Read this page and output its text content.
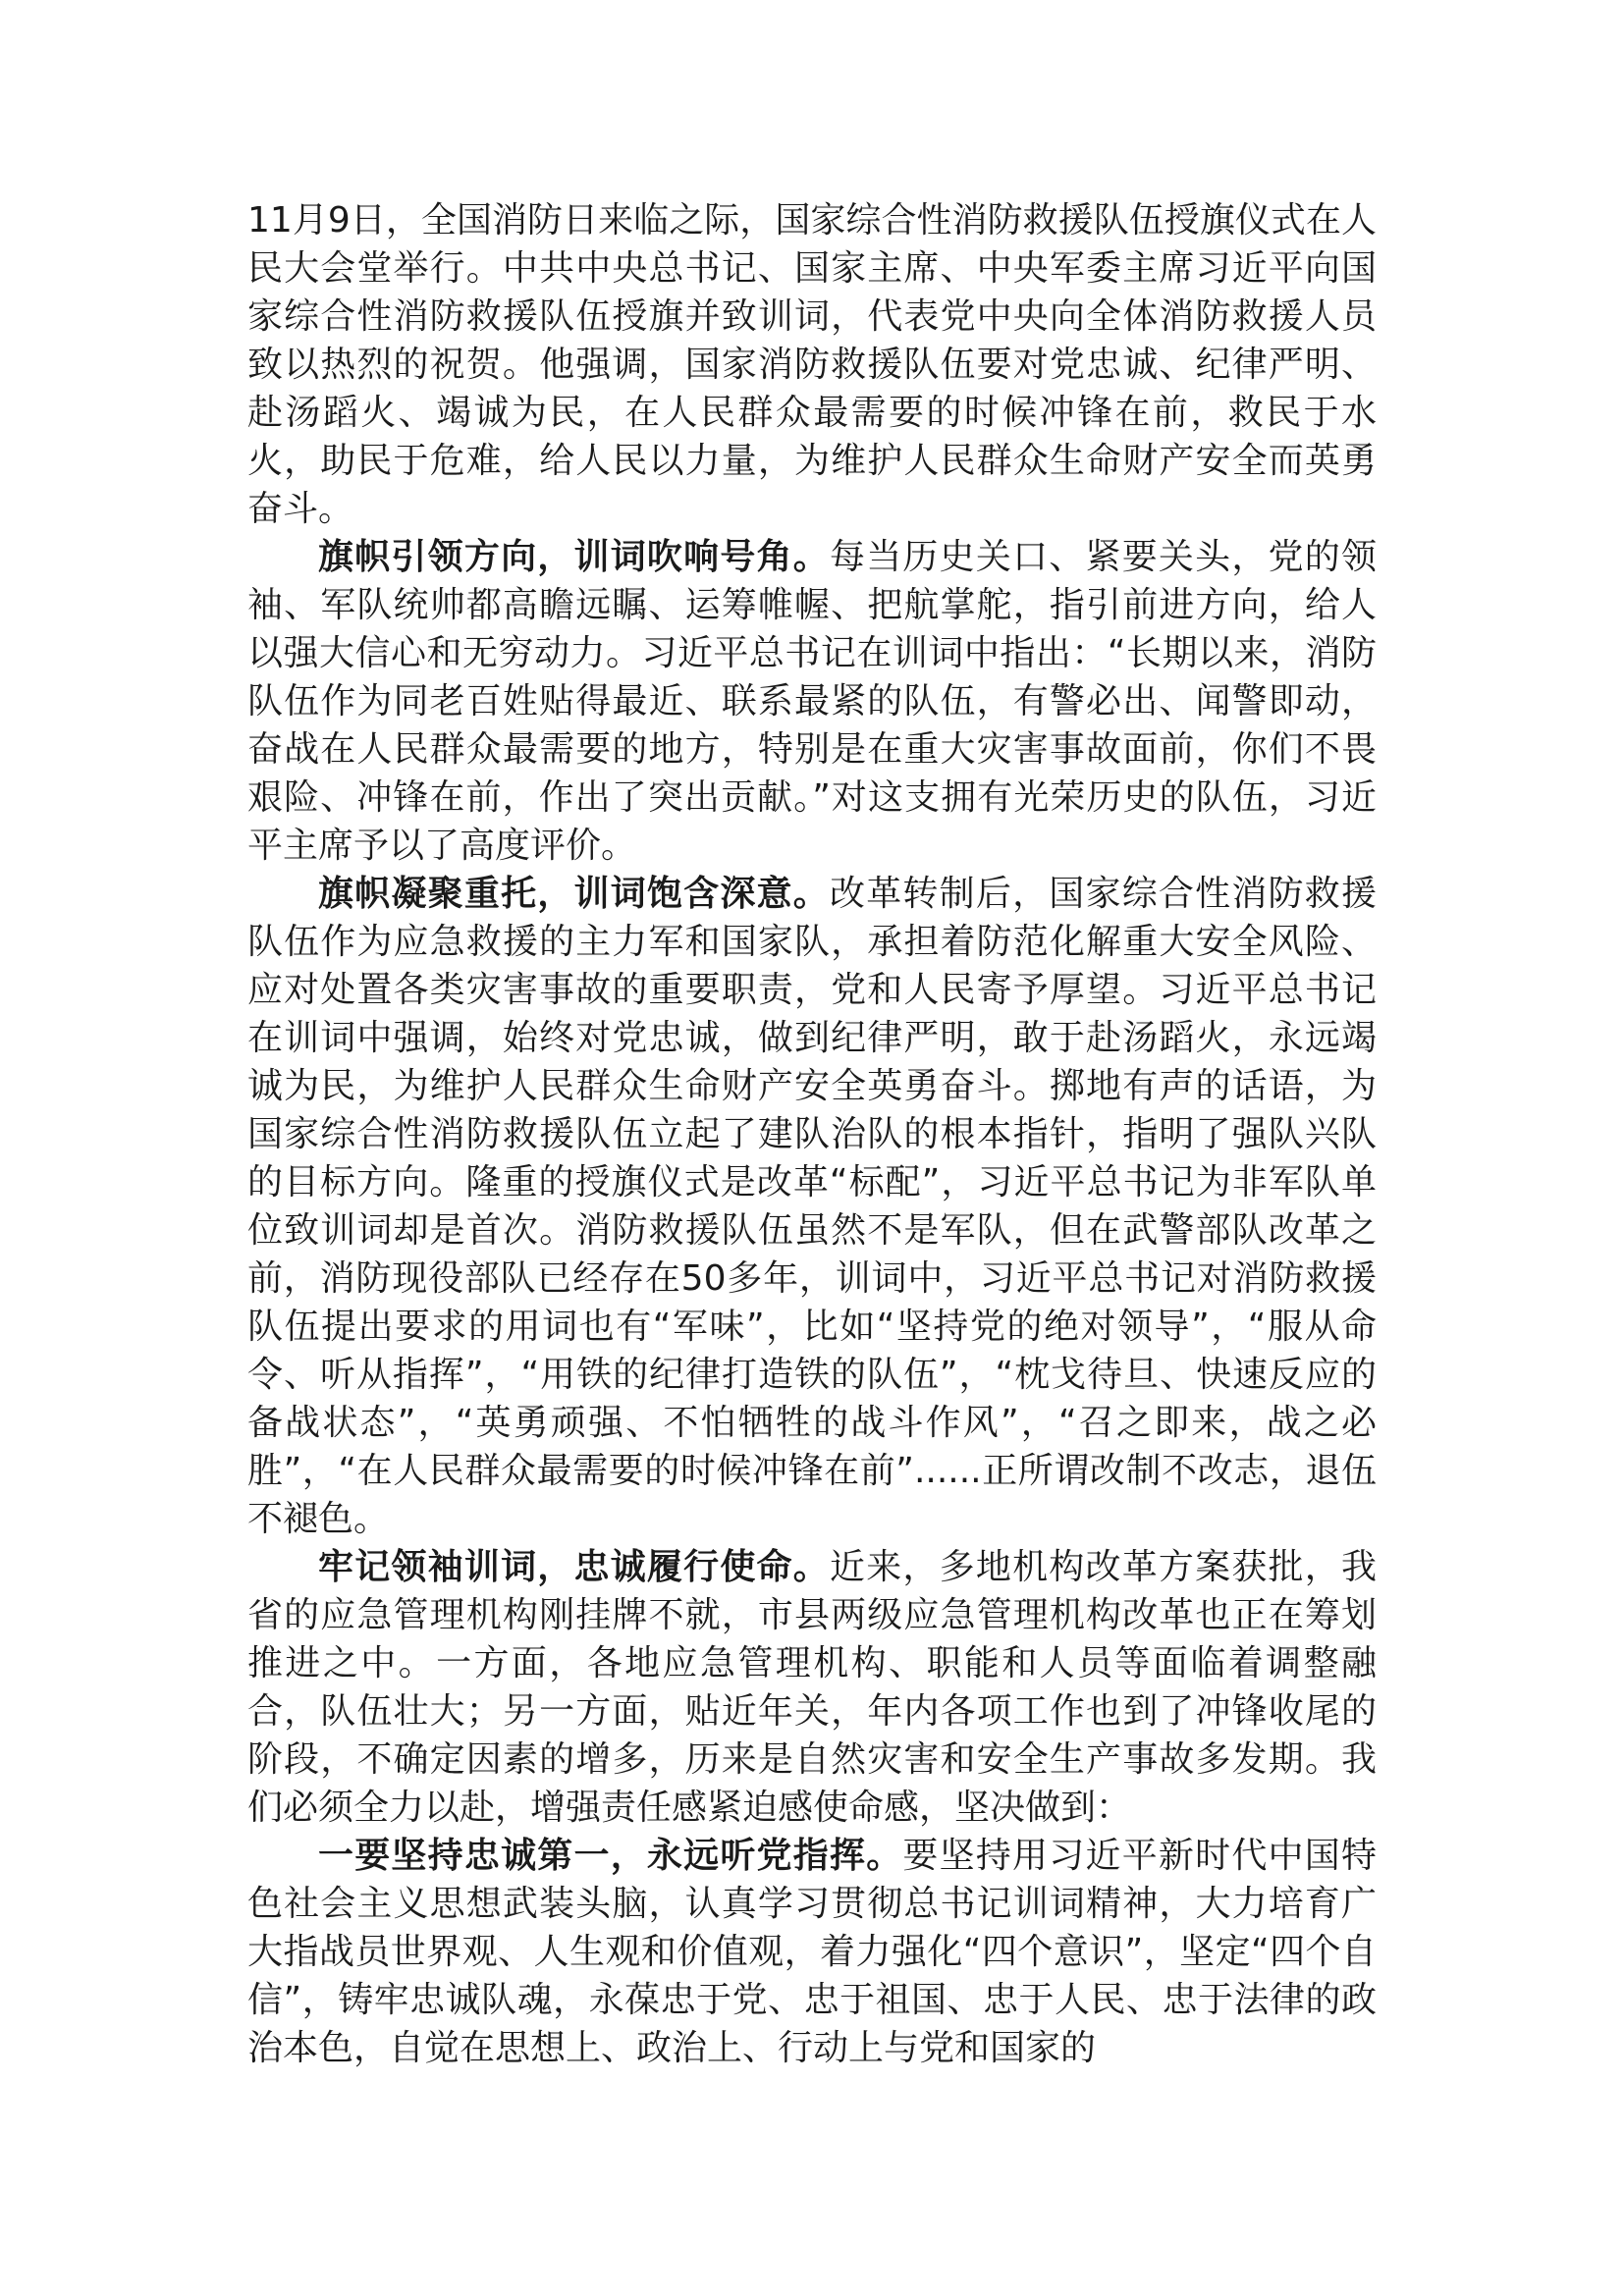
11月9日，全国消防日来临之际，国家综合性消防救援队伍授旗仪式在人民大会堂举行。中共中央总书记、国家主席、中央军委主席习近平向国家综合性消防救援队伍授旗并致训词，代表党中央向全体消防救援人员致以热烈的祝贺。他强调，国家消防救援队伍要对党忠诚、纪律严明、赴汤蹈火、竭诚为民，在人民群众最需要的时候冲锋在前，救民于水火，助民于危难，给人民以力量，为维护人民群众生命财产安全而英勇奋斗。

旗帜引领方向，训词吹响号角。每当历史关口、紧要关头，党的领袖、军队统帅都高瞻远瞩、运筹帷幄、把航掌舵，指引前进方向，给人以强大信心和无穷动力。习近平总书记在训词中指出：“长期以来，消防队伍作为同老百姓贴得最近、联系最紧的队伍，有警必出、闻警即动，奋战在人民群众最需要的地方，特别是在重大灾害事故面前，你们不畏艰险、冲锋在前，作出了突出贡献。”对这支拥有光荣历史的队伍，习近平主席予以了高度评价。

旗帜凝聚重托，训词饱含深意。改革转制后，国家综合性消防救援队伍作为应急救援的主力军和国家队，承担着防范化解重大安全风险、应对处置各类灾害事故的重要职责，党和人民寄予厚望。习近平总书记在训词中强调，始终对党忠诚，做到纪律严明，敢于赴汤蹈火，永远竭诚为民，为维护人民群众生命财产安全英勇奋斗。掷地有声的话语，为国家综合性消防救援队伍立起了建队治队的根本指针，指明了强队兴队的目标方向。隆重的授旗仪式是改革“标配”，习近平总书记为非军队单位致训词却是首次。消防救援队伍虽然不是军队，但在武警部队改革之前，消防现役部队已经存在50多年，训词中，习近平总书记对消防救援队伍提出要求的用词也有“军味”，比如“坚持党的绝对领导”，“服从命令、听从指挥”，“用铁的纪律打造铁的队伍”，“枕戈待旦、快速反应的备战状态”，“英勇顽强、不怕牺牲的战斗作风”，“召之即来，战之必胜”，“在人民群众最需要的时候冲锋在前”......正所谓改制不改志，退伍不褪色。

牢记领袖训词，忠诚履行使命。近来，多地机构改革方案获批，我省的应急管理机构刚挂牌不就，市县两级应急管理机构改革也正在筹划推进之中。一方面，各地应急管理机构、职能和人员等面临着调整融合，队伍壮大；另一方面，贴近年关，年内各项工作也到了冲锋收尾的阶段，不确定因素的增多，历来是自然灾害和安全生产事故多发期。我们必须全力以赴，增强责任感紧迫感使命感，坚决做到：

一要坚持忠诚第一，永远听党指挥。要坚持用习近平新时代中国特色社会主义思想武装头脑，认真学习贯彻总书记训词精神，大力培育广大指战员世界观、人生观和价值观，着力强化“四个意识”，坚定“四个自信”，铸牢忠诚队魂，永葆忠于党、忠于祖国、忠于人民、忠于法律的政治本色，自觉在思想上、政治上、行动上与党和国家的
